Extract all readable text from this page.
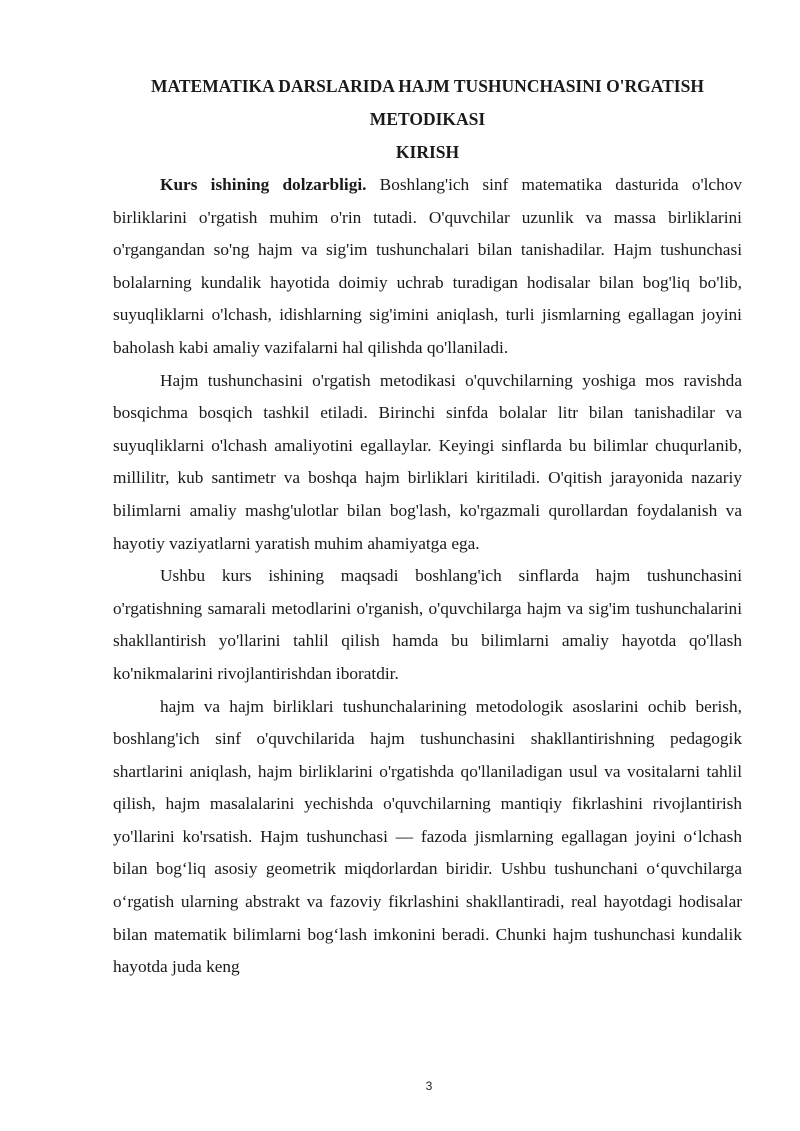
MATEMATIKA DARSLARIDA HAJM TUSHUNCHASINI O'RGATISH METODIKASI

KIRISH

Kurs ishining dolzarbligi. Boshlang'ich sinf matematika dasturida o'lchov birliklarini o'rgatish muhim o'rin tutadi. O'quvchilar uzunlik va massa birliklarini o'rgangandan so'ng hajm va sig'im tushunchalari bilan tanishadilar. Hajm tushunchasi bolalarning kundalik hayotida doimiy uchrab turadigan hodisalar bilan bog'liq bo'lib, suyuqliklarni o'lchash, idishlarning sig'imini aniqlash, turli jismlarning egallagan joyini baholash kabi amaliy vazifalarni hal qilishda qo'llaniladi.

Hajm tushunchasini o'rgatish metodikasi o'quvchilarning yoshiga mos ravishda bosqichma bosqich tashkil etiladi. Birinchi sinfda bolalar litr bilan tanishadilar va suyuqliklarni o'lchash amaliyotini egallaylar. Keyingi sinflarda bu bilimlar chuqurlanib, millilitr, kub santimetr va boshqa hajm birliklari kiritiladi. O'qitish jarayonida nazariy bilimlarni amaliy mashg'ulotlar bilan bog'lash, ko'rgazmali qurollardan foydalanish va hayotiy vaziyatlarni yaratish muhim ahamiyatga ega.

Ushbu kurs ishining maqsadi boshlang'ich sinflarda hajm tushunchasini o'rgatishning samarali metodlarini o'rganish, o'quvchilarga hajm va sig'im tushunchalarini shakllantirish yo'llarini tahlil qilish hamda bu bilimlarni amaliy hayotda qo'llash ko'nikmalarini rivojlantirishdan iboratdir.

hajm va hajm birliklari tushunchalarining metodologik asoslarini ochib berish, boshlang'ich sinf o'quvchilarida hajm tushunchasini shakllantirishning pedagogik shartlarini aniqlash, hajm birliklarini o'rgatishda qo'llaniladigan usul va vositalarni tahlil qilish, hajm masalalarini yechishda o'quvchilarning mantiqiy fikrlashini rivojlantirish yo'llarini ko'rsatish. Hajm tushunchasi — fazoda jismlarning egallagan joyini o‘lchash bilan bog‘liq asosiy geometrik miqdorlardan biridir. Ushbu tushunchani o‘quvchilarga o‘rgatish ularning abstrakt va fazoviy fikrlashini shakllantiradi, real hayotdagi hodisalar bilan matematik bilimlarni bog‘lash imkonini beradi. Chunki hajm tushunchasi kundalik hayotda juda keng

3
